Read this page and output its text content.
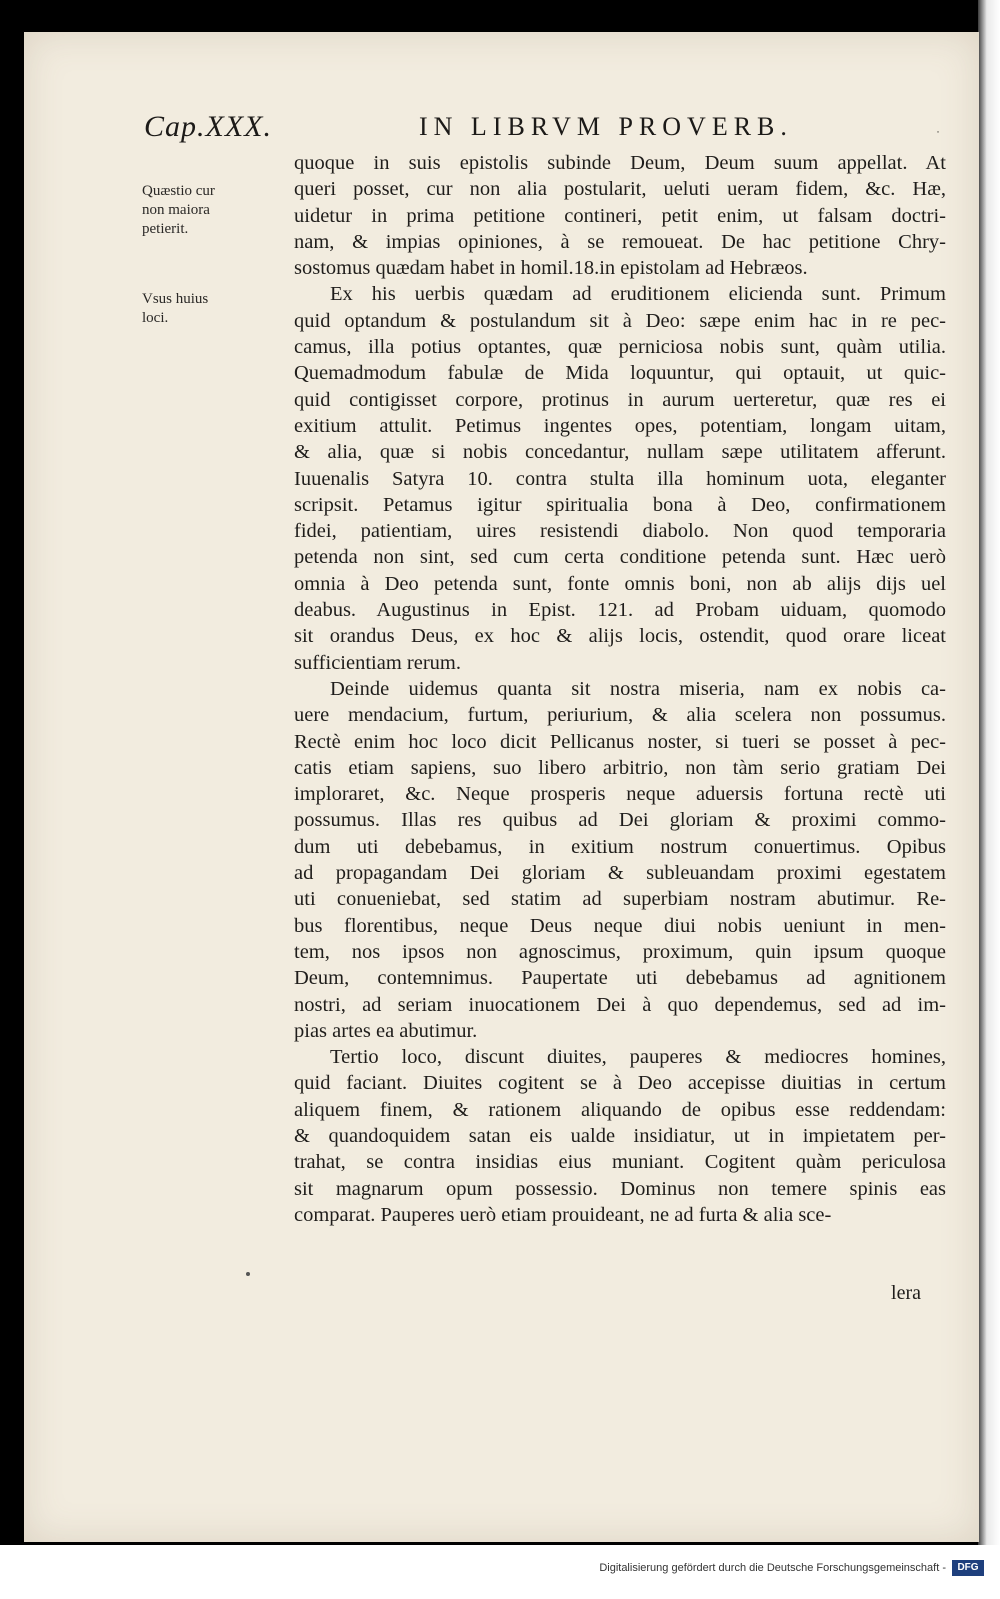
Cap.XXX.	IN LIBRVM PROVERB.	˙
Quæstio cur
non maiora
petierit.
Vsus huius
loci.
quoque in suis epistolis subinde Deum, Deum suum appellat. At
queri posset, cur non alia postularit, ueluti ueram fidem, &c. Hæ,
uidetur in prima petitione contineri, petit enim, ut falsam doctri-
nam, & impias opiniones, à se remoueat. De hac petitione Chry-
sostomus quædam habet in homil.18.in epistolam ad Hebræos.
Ex his uerbis quædam ad eruditionem elicienda sunt. Primum
quid optandum & postulandum sit à Deo: sæpe enim hac in re pec-
camus, illa potius optantes, quæ perniciosa nobis sunt, quàm utilia.
Quemadmodum fabulæ de Mida loquuntur, qui optauit, ut quic-
quid contigisset corpore, protinus in aurum uerteretur, quæ res ei
exitium attulit. Petimus ingentes opes, potentiam, longam uitam,
& alia, quæ si nobis concedantur, nullam sæpe utilitatem afferunt.
Iuuenalis Satyra 10. contra stulta illa hominum uota, eleganter
scripsit. Petamus igitur spiritualia bona à Deo, confirmationem
fidei, patientiam, uires resistendi diabolo. Non quod temporaria
petenda non sint, sed cum certa conditione petenda sunt. Hæc uerò
omnia à Deo petenda sunt, fonte omnis boni, non ab alijs dijs uel
deabus. Augustinus in Epist. 121. ad Probam uiduam, quomodo
sit orandus Deus, ex hoc & alijs locis, ostendit, quod orare liceat
sufficientiam rerum.
Deinde uidemus quanta sit nostra miseria, nam ex nobis ca-
uere mendacium, furtum, periurium, & alia scelera non possumus.
Rectè enim hoc loco dicit Pellicanus noster, si tueri se posset à pec-
catis etiam sapiens, suo libero arbitrio, non tàm serio gratiam Dei
imploraret, &c. Neque prosperis neque aduersis fortuna rectè uti
possumus. Illas res quibus ad Dei gloriam & proximi commo-
dum uti debebamus, in exitium nostrum conuertimus. Opibus
ad propagandam Dei gloriam & subleuandam proximi egestatem
uti conueniebat, sed statim ad superbiam nostram abutimur. Re-
bus florentibus, neque Deus neque diui nobis ueniunt in men-
tem, nos ipsos non agnoscimus, proximum, quin ipsum quoque
Deum, contemnimus. Paupertate uti debebamus ad agnitionem
nostri, ad seriam inuocationem Dei à quo dependemus, sed ad im-
pias artes ea abutimur.
Tertio loco, discunt diuites, pauperes & mediocres homines,
quid faciant. Diuites cogitent se à Deo accepisse diuitias in certum
aliquem finem, & rationem aliquando de opibus esse reddendam:
& quandoquidem satan eis ualde insidiatur, ut in impietatem per-
trahat, se contra insidias eius muniant. Cogitent quàm periculosa
sit magnarum opum possessio. Dominus non temere spinis eas
comparat. Pauperes uerò etiam prouideant, ne ad furta & alia sce-
lera
Digitalisierung gefördert durch die Deutsche Forschungsgemeinschaft -	DFG
